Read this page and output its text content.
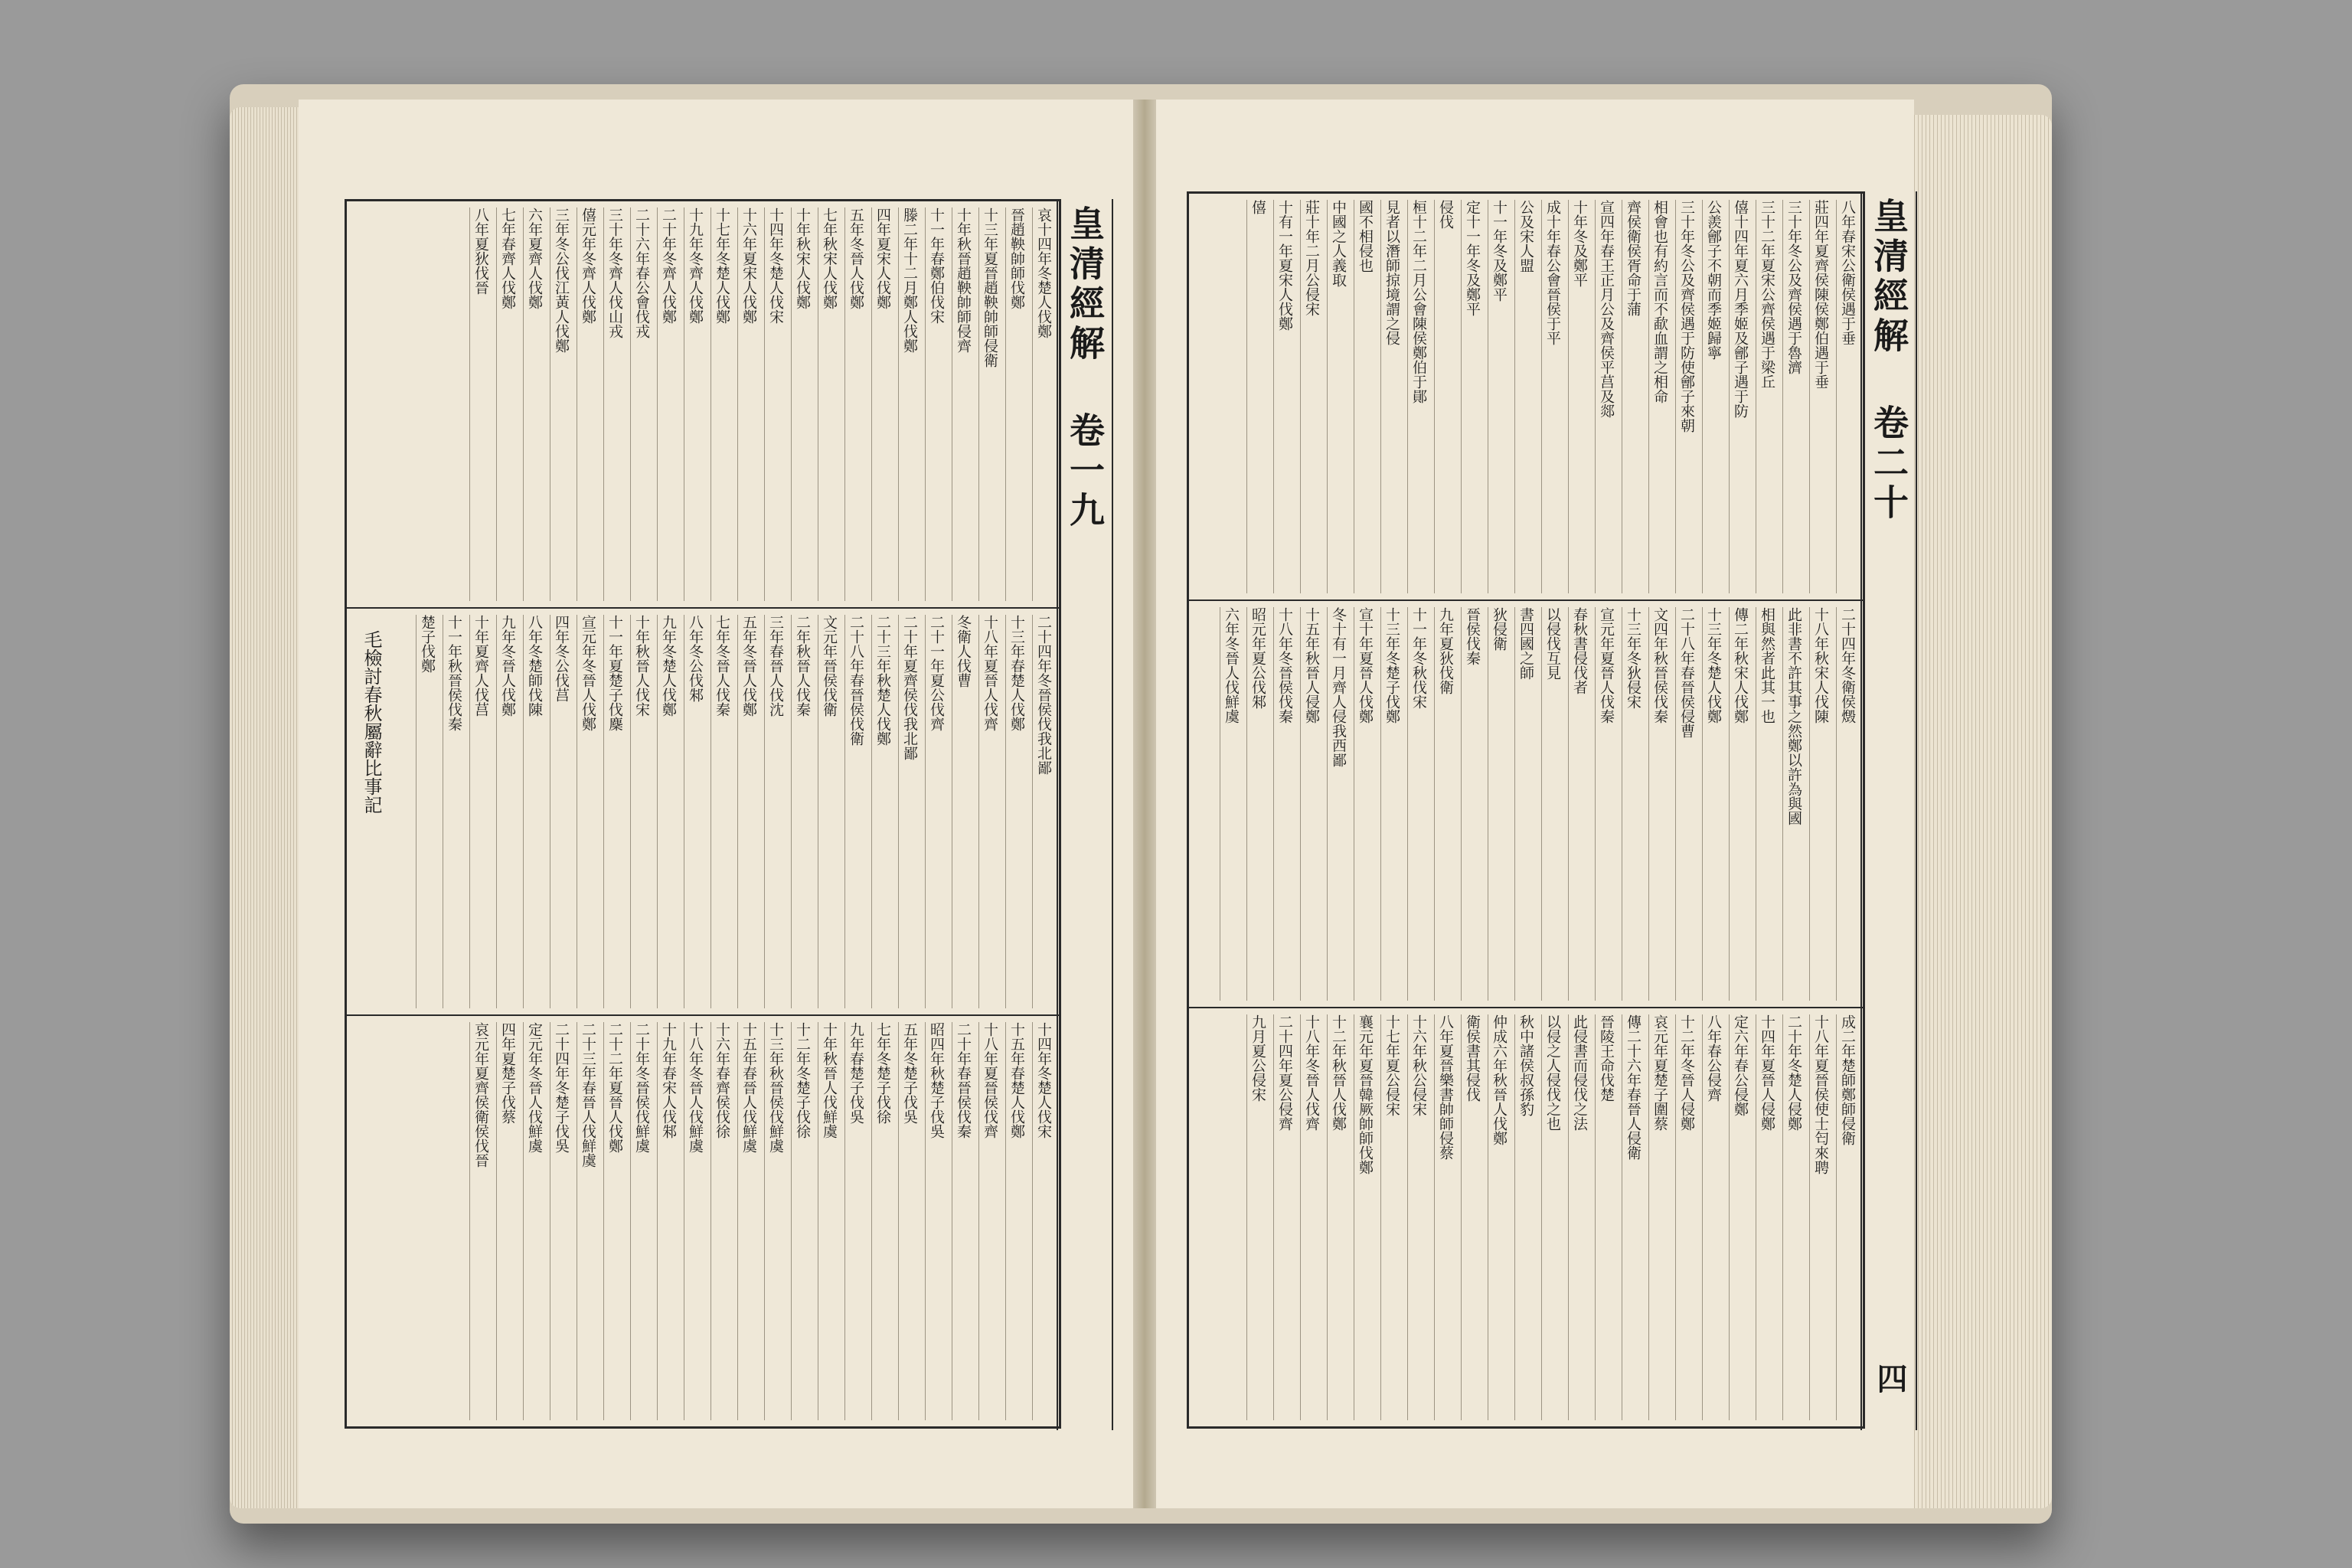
哀十四年冬楚人伐鄭
晉趙鞅帥師伐鄭
十三年夏晉趙鞅帥師侵衛
十年秋晉趙鞅帥師侵齊
十一年春鄭伯伐宋
滕二年十二月鄭人伐鄭
四年夏宋人伐鄭
五年冬晉人伐鄭
七年秋宋人伐鄭
十年秋宋人伐鄭
十四年冬楚人伐宋
十六年夏宋人伐鄭
十七年冬楚人伐鄭
十九年冬齊人伐鄭
二十年冬齊人伐鄭
二十六年春公會伐戎
三十年冬齊人伐山戎
僖元年冬齊人伐鄭
三年冬公伐江黃人伐鄭
六年夏齊人伐鄭
七年春齊人伐鄭
八年夏狄伐晉
二十四年冬晉侯伐我北鄙
十三年春楚人伐鄭
十八年夏晉人伐齊
冬衛人伐曹
二十一年夏公伐齊
二十年夏齊侯伐我北鄙
二十三年秋楚人伐鄭
二十八年春晉侯伐衛
文元年晉侯伐衛
二年秋晉人伐秦
三年春晉人伐沈
五年冬晉人伐鄭
七年冬晉人伐秦
八年冬公伐邾
九年冬楚人伐鄭
十年秋晉人伐宋
十一年夏楚子伐麇
宣元年冬晉人伐鄭
四年冬公伐莒
八年冬楚師伐陳
九年冬晉人伐鄭
十年夏齊人伐莒
十一年秋晉侯伐秦
楚子伐鄭
十四年冬楚人伐宋
十五年春楚人伐鄭
十八年夏晉侯伐齊
二十年春晉侯伐秦
昭四年秋楚子伐吳
五年冬楚子伐吳
七年冬楚子伐徐
九年春楚子伐吳
十年秋晉人伐鮮虞
十二年冬楚子伐徐
十三年秋晉侯伐鮮虞
十五年春晉人伐鮮虞
十六年春齊侯伐徐
十八年冬晉人伐鮮虞
十九年春宋人伐邾
二十年冬晉侯伐鮮虞
二十二年夏晉人伐鄭
二十三年春晉人伐鮮虞
二十四年冬楚子伐吳
定元年冬晉人伐鮮虞
四年夏楚子伐蔡
哀元年夏齊侯衛侯伐晉
毛檢討春秋屬辭比事記
皇清經解 卷一九
八年春宋公衛侯遇于垂
莊四年夏齊侯陳侯鄭伯遇于垂
三十年冬公及齊侯遇于魯濟
三十二年夏宋公齊侯遇于梁丘
僖十四年夏六月季姬及鄶子遇于防
公羨鄶子不朝而季姬歸寧
三十年冬公及齊侯遇于防使鄶子來朝
相會也有約言而不歃血謂之相命
齊侯衛侯胥命于蒲
宣四年春王正月公及齊侯平莒及郯
十年冬及鄭平
成十年春公會晉侯于平
公及宋人盟
十一年冬及鄭平
定十一年冬及鄭平
侵伐
桓十二年二月公會陳侯鄭伯于鄖
見者以潛師掠境謂之侵
國不相侵也
中國之人義取
莊十年二月公侵宋
十有一年夏宋人伐鄭
僖
二十四年冬衛侯燬
十八年秋宋人伐陳
此非書不許其事之然鄭以許為與國
相與然者此其一也
傳二年秋宋人伐鄭
十三年冬楚人伐鄭
二十八年春晉侯侵曹
文四年秋晉侯伐秦
十三年冬狄侵宋
宣元年夏晉人伐秦
春秋書侵伐者
以侵伐互見
書四國之師
狄侵衛
晉侯伐秦
九年夏狄伐衛
十一年冬秋伐宋
十三年冬楚子伐鄭
宣十年夏晉人伐鄭
冬十有一月齊人侵我西鄙
十五年秋晉人侵鄭
十八年冬晉侯伐秦
昭元年夏公伐邾
六年冬晉人伐鮮虞
成二年楚師鄭師侵衛
十八年夏晉侯使士匄來聘
二十年冬楚人侵鄭
十四年夏晉人侵鄭
定六年春公侵鄭
八年春公侵齊
十二年冬晉人侵鄭
哀元年夏楚子圍蔡
傳二十六年春晉人侵衛
晉陵王命伐楚
此侵書而侵伐之法
以侵之人侵伐之也
秋中諸侯叔孫豹
仲成六年秋晉人伐鄭
衛侯書其侵伐
八年夏晉樂書帥師侵蔡
十六年秋公侵宋
十七年夏公侵宋
襄元年夏晉韓厥帥師伐鄭
十二年秋晉人伐鄭
十八年冬晉人伐齊
二十四年夏公侵齊
九月夏公侵宋
皇清經解 卷二十
四
